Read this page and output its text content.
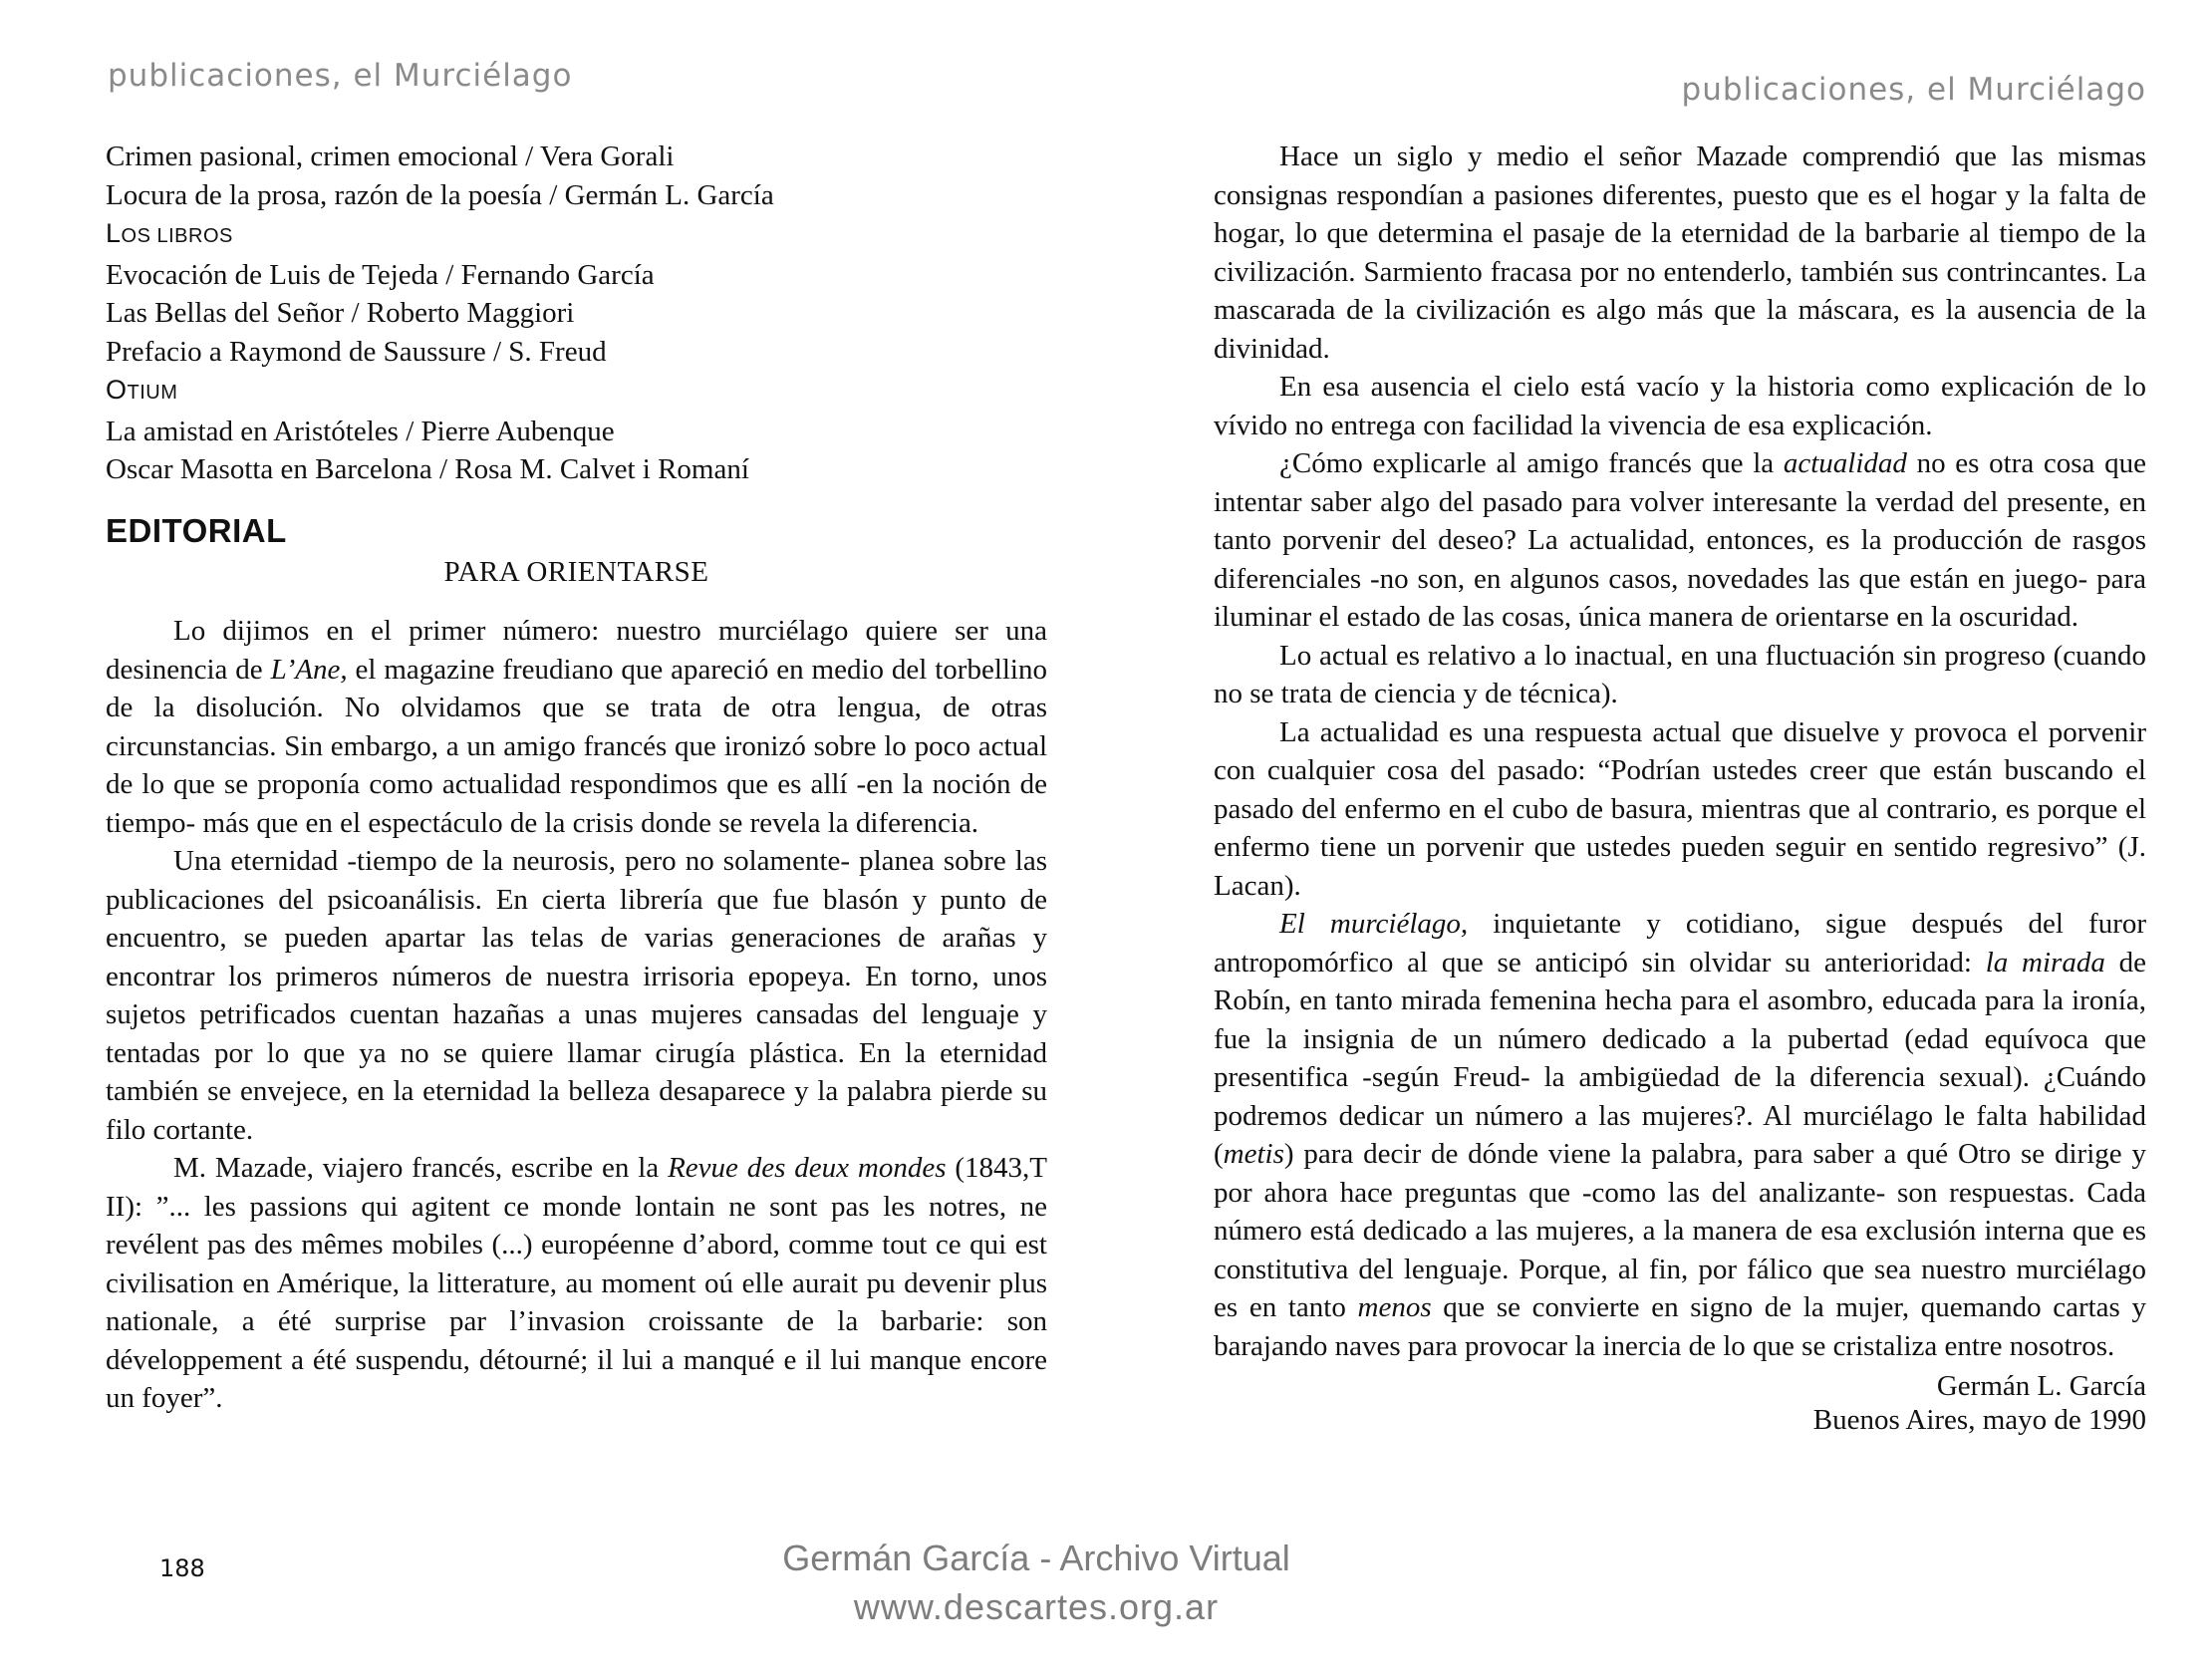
publicaciones, el Murciélago	publicaciones, el Murciélago
Crimen pasional, crimen emocional / Vera Gorali
Locura de la prosa, razón de la poesía / Germán L. García
LOS LIBROS
Evocación de Luis de Tejeda / Fernando García
Las Bellas del Señor / Roberto Maggiori
Prefacio a Raymond de Saussure / S. Freud
OTIUM
La amistad en Aristóteles / Pierre Aubenque
Oscar Masotta en Barcelona / Rosa M. Calvet i Romaní
EDITORIAL
PARA ORIENTARSE

Lo dijimos en el primer número: nuestro murciélago quiere ser una desinencia de L’Ane, el magazine freudiano que apareció en medio del torbellino de la disolución. No olvidamos que se trata de otra lengua, de otras circunstancias. Sin embargo, a un amigo francés que ironizó sobre lo poco actual de lo que se proponía como actualidad respondimos que es allí -en la noción de tiempo- más que en el espectáculo de la crisis donde se revela la diferencia.

Una eternidad -tiempo de la neurosis, pero no solamente- planea sobre las publicaciones del psicoanálisis. En cierta librería que fue blasón y punto de encuentro, se pueden apartar las telas de varias generaciones de arañas y encontrar los primeros números de nuestra irrisoria epopeya. En torno, unos sujetos petrificados cuentan hazañas a unas mujeres cansadas del lenguaje y tentadas por lo que ya no se quiere llamar cirugía plástica. En la eternidad también se envejece, en la eternidad la belleza desaparece y la palabra pierde su filo cortante.

M. Mazade, viajero francés, escribe en la Revue des deux mondes (1843,T II): ”... les passions qui agitent ce monde lontain ne sont pas les notres, ne revélent pas des mêmes mobiles (...) européenne d’abord, comme tout ce qui est civilisation en Amérique, la litterature, au moment oú elle aurait pu devenir plus nationale, a été surprise par l’invasion croissante de la barbarie: son développement a été suspendu, détourné; il lui a manqué e il lui manque encore un foyer”.

Hace un siglo y medio el señor Mazade comprendió que las mismas consignas respondían a pasiones diferentes, puesto que es el hogar y la falta de hogar, lo que determina el pasaje de la eternidad de la barbarie al tiempo de la civilización. Sarmiento fracasa por no entenderlo, también sus contrincantes. La mascarada de la civilización es algo más que la máscara, es la ausencia de la divinidad.

En esa ausencia el cielo está vacío y la historia como explicación de lo vívido no entrega con facilidad la vivencia de esa explicación.

¿Cómo explicarle al amigo francés que la actualidad no es otra cosa que intentar saber algo del pasado para volver interesante la verdad del presente, en tanto porvenir del deseo? La actualidad, entonces, es la producción de rasgos diferenciales -no son, en algunos casos, novedades las que están en juego- para iluminar el estado de las cosas, única manera de orientarse en la oscuridad.

Lo actual es relativo a lo inactual, en una fluctuación sin progreso (cuando no se trata de ciencia y de técnica).

La actualidad es una respuesta actual que disuelve y provoca el porvenir con cualquier cosa del pasado: “Podrían ustedes creer que están buscando el pasado del enfermo en el cubo de basura, mientras que al contrario, es porque el enfermo tiene un porvenir que ustedes pueden seguir en sentido regresivo” (J. Lacan).

El murciélago, inquietante y cotidiano, sigue después del furor antropomórfico al que se anticipó sin olvidar su anterioridad: la mirada de Robín, en tanto mirada femenina hecha para el asombro, educada para la ironía, fue la insignia de un número dedicado a la pubertad (edad equívoca que presentifica -según Freud- la ambigüedad de la diferencia sexual). ¿Cuándo podremos dedicar un número a las mujeres?. Al murciélago le falta habilidad (metis) para decir de dónde viene la palabra, para saber a qué Otro se dirige y por ahora hace preguntas que -como las del analizante- son respuestas. Cada número está dedicado a las mujeres, a la manera de esa exclusión interna que es constitutiva del lenguaje. Porque, al fin, por fálico que sea nuestro murciélago es en tanto menos que se convierte en signo de la mujer, quemando cartas y barajando naves para provocar la inercia de lo que se cristaliza entre nosotros.

Germán L. García

Buenos Aires, mayo de 1990

188	Germán García - Archivo Virtual
www.descartes.org.ar
